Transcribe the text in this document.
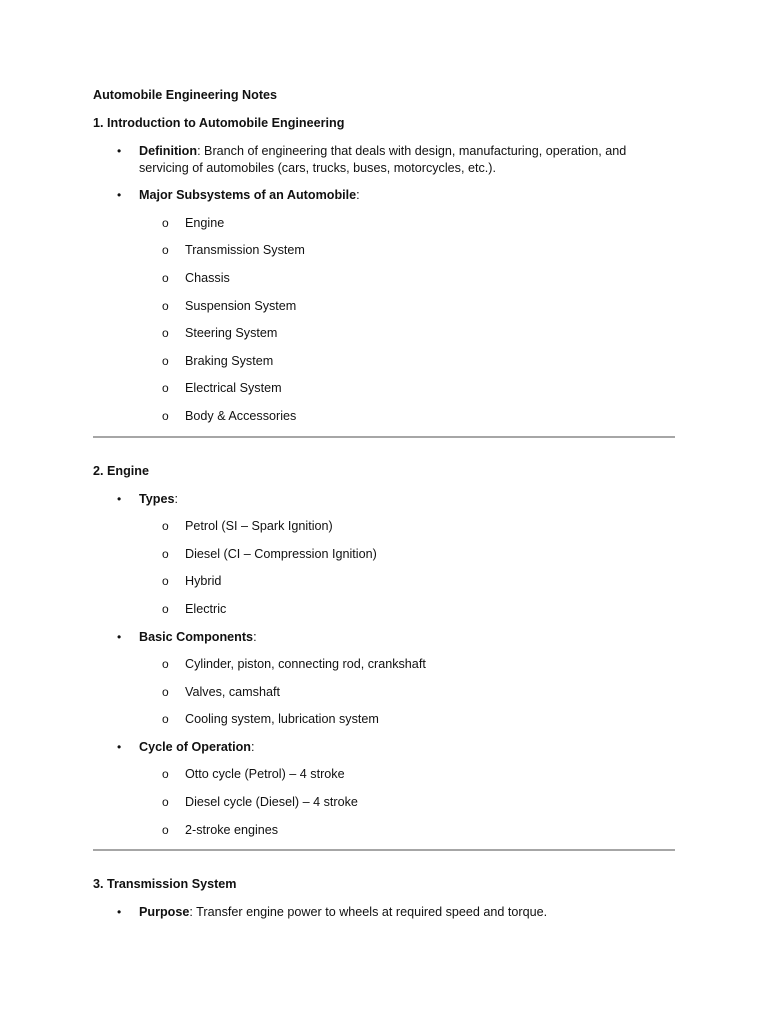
Automobile Engineering Notes
1. Introduction to Automobile Engineering
• Definition: Branch of engineering that deals with design, manufacturing, operation, and servicing of automobiles (cars, trucks, buses, motorcycles, etc.).
• Major Subsystems of an Automobile:
o Engine
o Transmission System
o Chassis
o Suspension System
o Steering System
o Braking System
o Electrical System
o Body & Accessories
2. Engine
• Types:
o Petrol (SI – Spark Ignition)
o Diesel (CI – Compression Ignition)
o Hybrid
o Electric
• Basic Components:
o Cylinder, piston, connecting rod, crankshaft
o Valves, camshaft
o Cooling system, lubrication system
• Cycle of Operation:
o Otto cycle (Petrol) – 4 stroke
o Diesel cycle (Diesel) – 4 stroke
o 2-stroke engines
3. Transmission System
• Purpose: Transfer engine power to wheels at required speed and torque.
